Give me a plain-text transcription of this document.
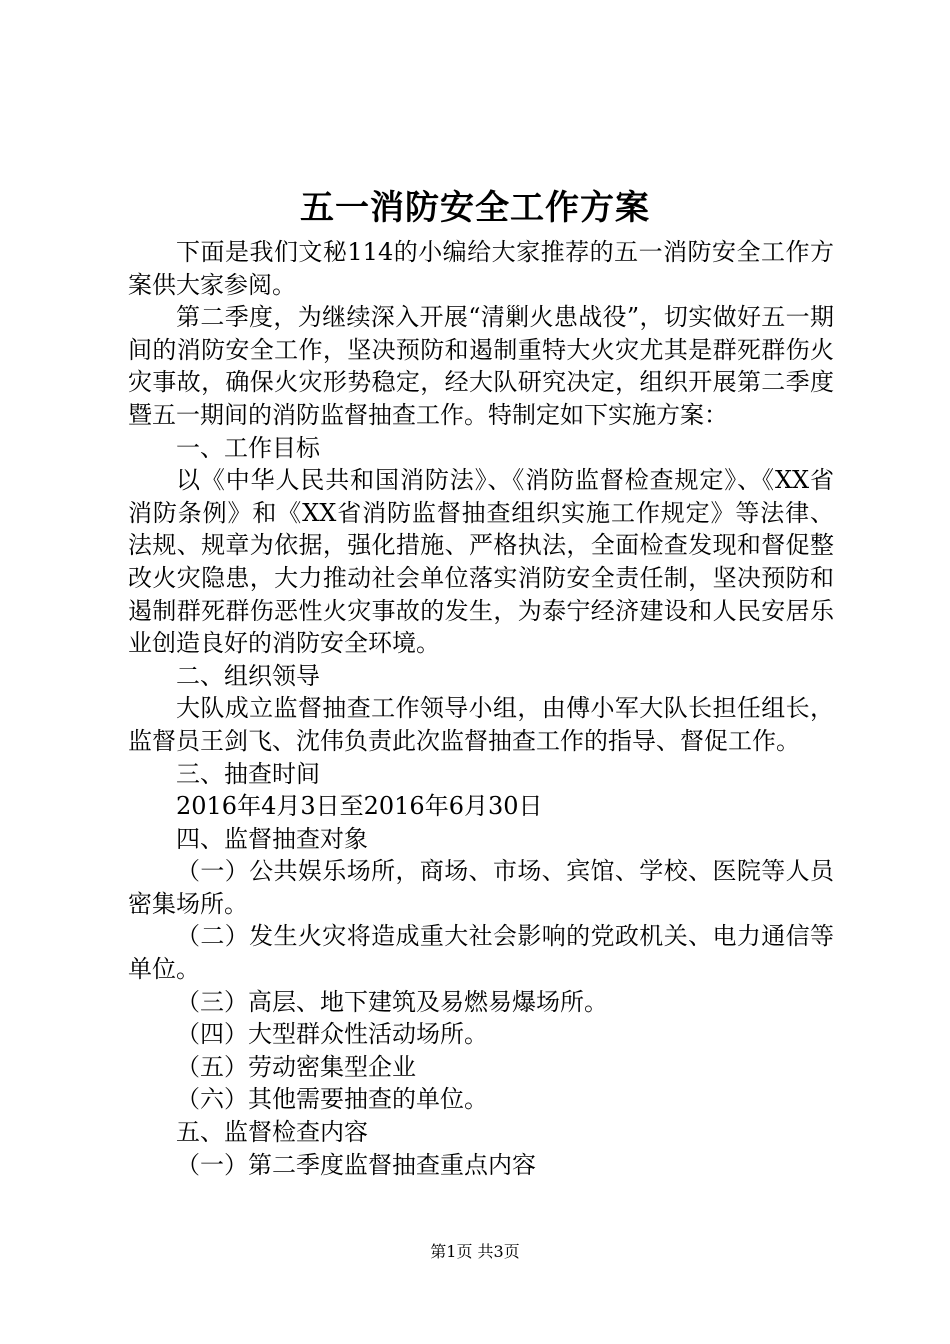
五一消防安全工作方案

下面是我们文秘114的小编给大家推荐的五一消防安全工作方案供大家参阅。

第二季度，为继续深入开展“清剿火患战役”，切实做好五一期间的消防安全工作，坚决预防和遏制重特大火灾尤其是群死群伤火灾事故，确保火灾形势稳定，经大队研究决定，组织开展第二季度暨五一期间的消防监督抽查工作。特制定如下实施方案：

一、工作目标

以《中华人民共和国消防法》、《消防监督检查规定》、《XX省消防条例》和《XX省消防监督抽查组织实施工作规定》等法律、法规、规章为依据，强化措施、严格执法，全面检查发现和督促整改火灾隐患，大力推动社会单位落实消防安全责任制，坚决预防和遏制群死群伤恶性火灾事故的发生，为泰宁经济建设和人民安居乐业创造良好的消防安全环境。

二、组织领导

大队成立监督抽查工作领导小组，由傅小军大队长担任组长，监督员王剑飞、沈伟负责此次监督抽查工作的指导、督促工作。

三、抽查时间

2016年4月3日至2016年6月30日

四、监督抽查对象

（一）公共娱乐场所，商场、市场、宾馆、学校、医院等人员密集场所。

（二）发生火灾将造成重大社会影响的党政机关、电力通信等单位。

（三）高层、地下建筑及易燃易爆场所。

（四）大型群众性活动场所。

（五）劳动密集型企业

（六）其他需要抽查的单位。

五、监督检查内容

（一）第二季度监督抽查重点内容

第1页 共3页
